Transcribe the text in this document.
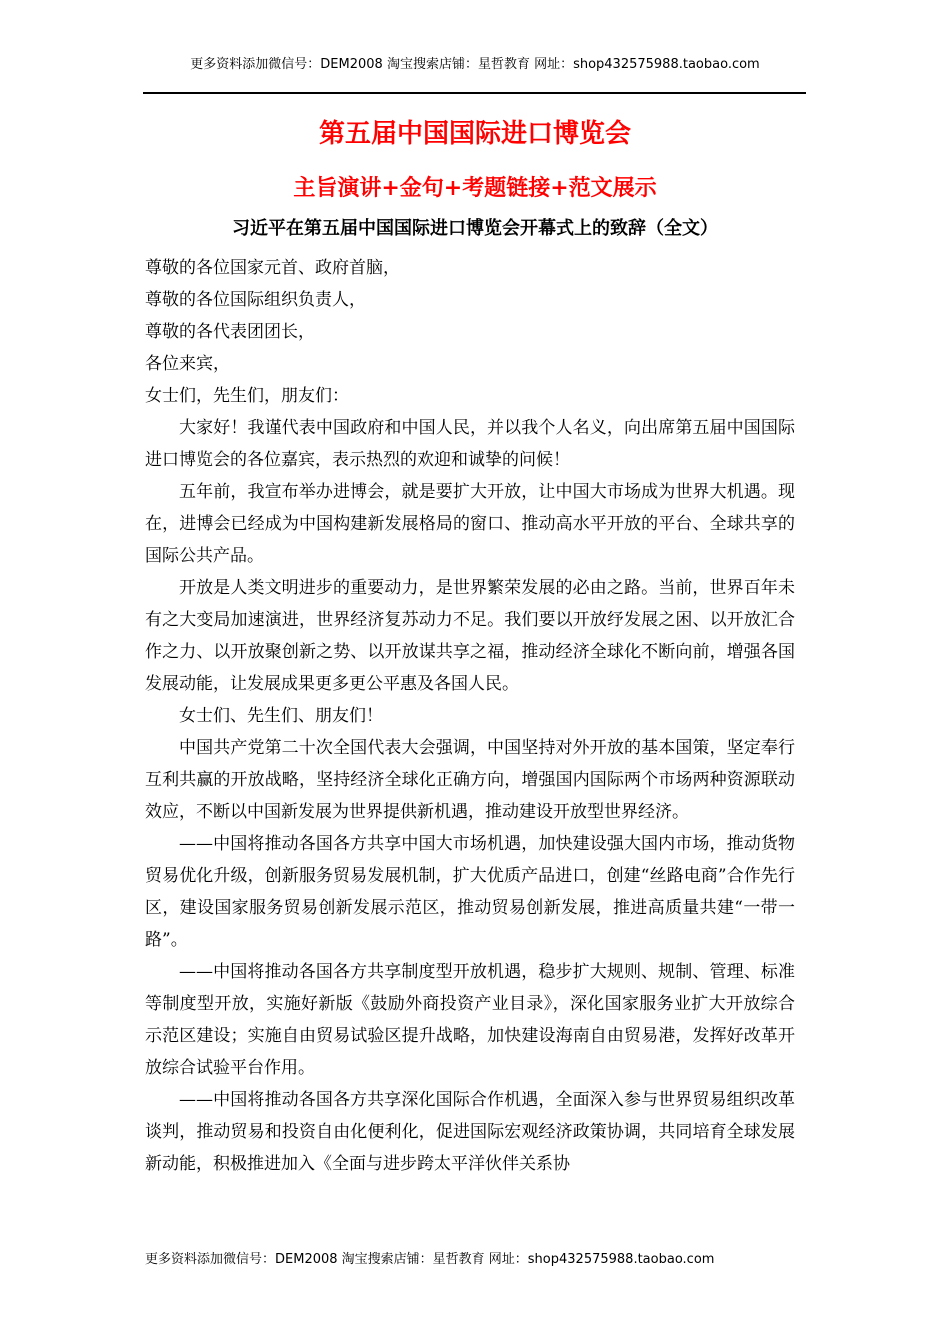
更多资料添加微信号：DEM2008 淘宝搜索店铺：星哲教育 网址：shop432575988.taobao.com
第五届中国国际进口博览会
主旨演讲+金句+考题链接+范文展示
习近平在第五届中国国际进口博览会开幕式上的致辞（全文）

尊敬的各位国家元首、政府首脑，

尊敬的各位国际组织负责人，

尊敬的各代表团团长，

各位来宾，

女士们，先生们，朋友们：

大家好！我谨代表中国政府和中国人民，并以我个人名义，向出席第五届中国国际进口博览会的各位嘉宾，表示热烈的欢迎和诚挚的问候！

五年前，我宣布举办进博会，就是要扩大开放，让中国大市场成为世界大机遇。现在，进博会已经成为中国构建新发展格局的窗口、推动高水平开放的平台、全球共享的国际公共产品。

开放是人类文明进步的重要动力，是世界繁荣发展的必由之路。当前，世界百年未有之大变局加速演进，世界经济复苏动力不足。我们要以开放纾发展之困、以开放汇合作之力、以开放聚创新之势、以开放谋共享之福，推动经济全球化不断向前，增强各国发展动能，让发展成果更多更公平惠及各国人民。

女士们、先生们、朋友们！

中国共产党第二十次全国代表大会强调，中国坚持对外开放的基本国策，坚定奉行互利共赢的开放战略，坚持经济全球化正确方向，增强国内国际两个市场两种资源联动效应，不断以中国新发展为世界提供新机遇，推动建设开放型世界经济。

——中国将推动各国各方共享中国大市场机遇，加快建设强大国内市场，推动货物贸易优化升级，创新服务贸易发展机制，扩大优质产品进口，创建“丝路电商”合作先行区，建设国家服务贸易创新发展示范区，推动贸易创新发展，推进高质量共建“一带一路”。

——中国将推动各国各方共享制度型开放机遇，稳步扩大规则、规制、管理、标准等制度型开放，实施好新版《鼓励外商投资产业目录》，深化国家服务业扩大开放综合示范区建设；实施自由贸易试验区提升战略，加快建设海南自由贸易港，发挥好改革开放综合试验平台作用。

——中国将推动各国各方共享深化国际合作机遇，全面深入参与世界贸易组织改革谈判，推动贸易和投资自由化便利化，促进国际宏观经济政策协调，共同培育全球发展新动能，积极推进加入《全面与进步跨太平洋伙伴关系协

更多资料添加微信号：DEM2008 淘宝搜索店铺：星哲教育 网址：shop432575988.taobao.com
